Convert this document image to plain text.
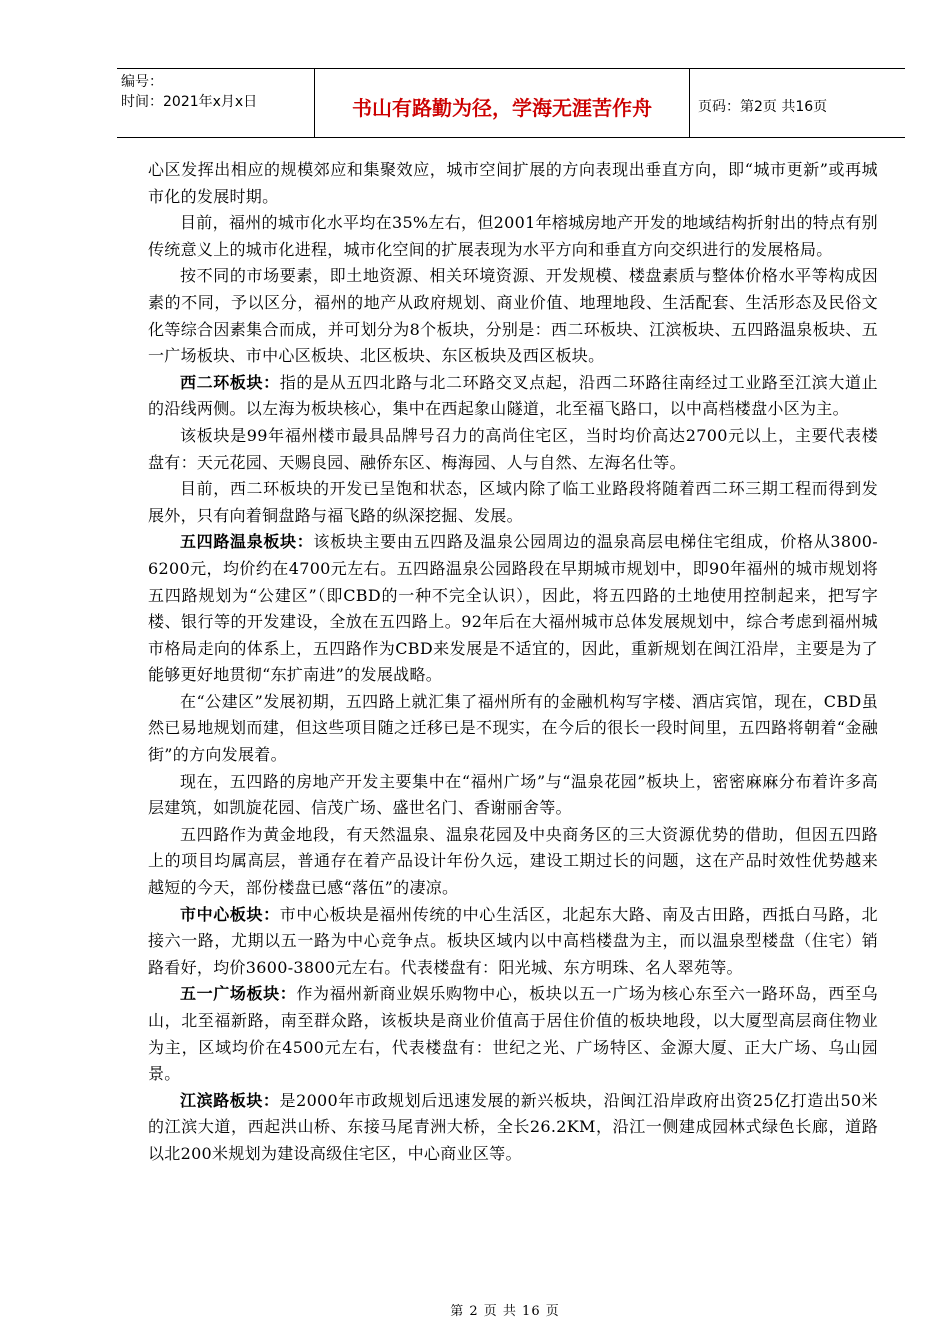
编号：
时间：2021年x月x日	书山有路勤为径，学海无涯苦作舟	页码：第2页 共16页

心区发挥出相应的规模郊应和集聚效应，城市空间扩展的方向表现出垂直方向，即“城市更新”或再城市化的发展时期。

目前，福州的城市化水平均在35%左右，但2001年榕城房地产开发的地域结构折射出的特点有别传统意义上的城市化进程，城市化空间的扩展表现为水平方向和垂直方向交织进行的发展格局。

按不同的市场要素，即土地资源、相关环境资源、开发规模、楼盘素质与整体价格水平等构成因素的不同，予以区分，福州的地产从政府规划、商业价值、地理地段、生活配套、生活形态及民俗文化等综合因素集合而成，并可划分为8个板块，分别是：西二环板块、江滨板块、五四路温泉板块、五一广场板块、市中心区板块、北区板块、东区板块及西区板块。

西二环板块：指的是从五四北路与北二环路交叉点起，沿西二环路往南经过工业路至江滨大道止的沿线两侧。以左海为板块核心，集中在西起象山隧道，北至福飞路口，以中高档楼盘小区为主。

该板块是99年福州楼市最具品牌号召力的高尚住宅区，当时均价高达2700元以上，主要代表楼盘有：天元花园、天赐良园、融侨东区、梅海园、人与自然、左海名仕等。

目前，西二环板块的开发已呈饱和状态，区域内除了临工业路段将随着西二环三期工程而得到发展外，只有向着铜盘路与福飞路的纵深挖掘、发展。

五四路温泉板块：该板块主要由五四路及温泉公园周边的温泉高层电梯住宅组成，价格从3800-6200元，均价约在4700元左右。五四路温泉公园路段在早期城市规划中，即90年福州的城市规划将五四路规划为“公建区”（即CBD的一种不完全认识），因此，将五四路的土地使用控制起来，把写字楼、银行等的开发建设，全放在五四路上。92年后在大福州城市总体发展规划中，综合考虑到福州城市格局走向的体系上，五四路作为CBD来发展是不适宜的，因此，重新规划在闽江沿岸，主要是为了能够更好地贯彻“东扩南进”的发展战略。

在“公建区”发展初期，五四路上就汇集了福州所有的金融机构写字楼、酒店宾馆，现在，CBD虽然已易地规划而建，但这些项目随之迁移已是不现实，在今后的很长一段时间里，五四路将朝着“金融街”的方向发展着。

现在，五四路的房地产开发主要集中在“福州广场”与“温泉花园”板块上，密密麻麻分布着许多高层建筑，如凯旋花园、信茂广场、盛世名门、香谢丽舍等。

五四路作为黄金地段，有天然温泉、温泉花园及中央商务区的三大资源优势的借助，但因五四路上的项目均属高层，普通存在着产品设计年份久远，建设工期过长的问题，这在产品时效性优势越来越短的今天，部份楼盘已感“落伍”的凄凉。

市中心板块：市中心板块是福州传统的中心生活区，北起东大路、南及古田路，西抵白马路，北接六一路，尤期以五一路为中心竞争点。板块区域内以中高档楼盘为主，而以温泉型楼盘（住宅）销路看好，均价3600-3800元左右。代表楼盘有：阳光城、东方明珠、名人翠苑等。

五一广场板块：作为福州新商业娱乐购物中心，板块以五一广场为核心东至六一路环岛，西至乌山，北至福新路，南至群众路，该板块是商业价值高于居住价值的板块地段，以大厦型高层商住物业为主，区域均价在4500元左右，代表楼盘有：世纪之光、广场特区、金源大厦、正大广场、乌山园景。

江滨路板块：是2000年市政规划后迅速发展的新兴板块，沿闽江沿岸政府出资25亿打造出50米的江滨大道，西起洪山桥、东接马尾青洲大桥，全长26.2KM，沿江一侧建成园林式绿色长廊，道路以北200米规划为建设高级住宅区，中心商业区等。

第 2 页 共 16 页
